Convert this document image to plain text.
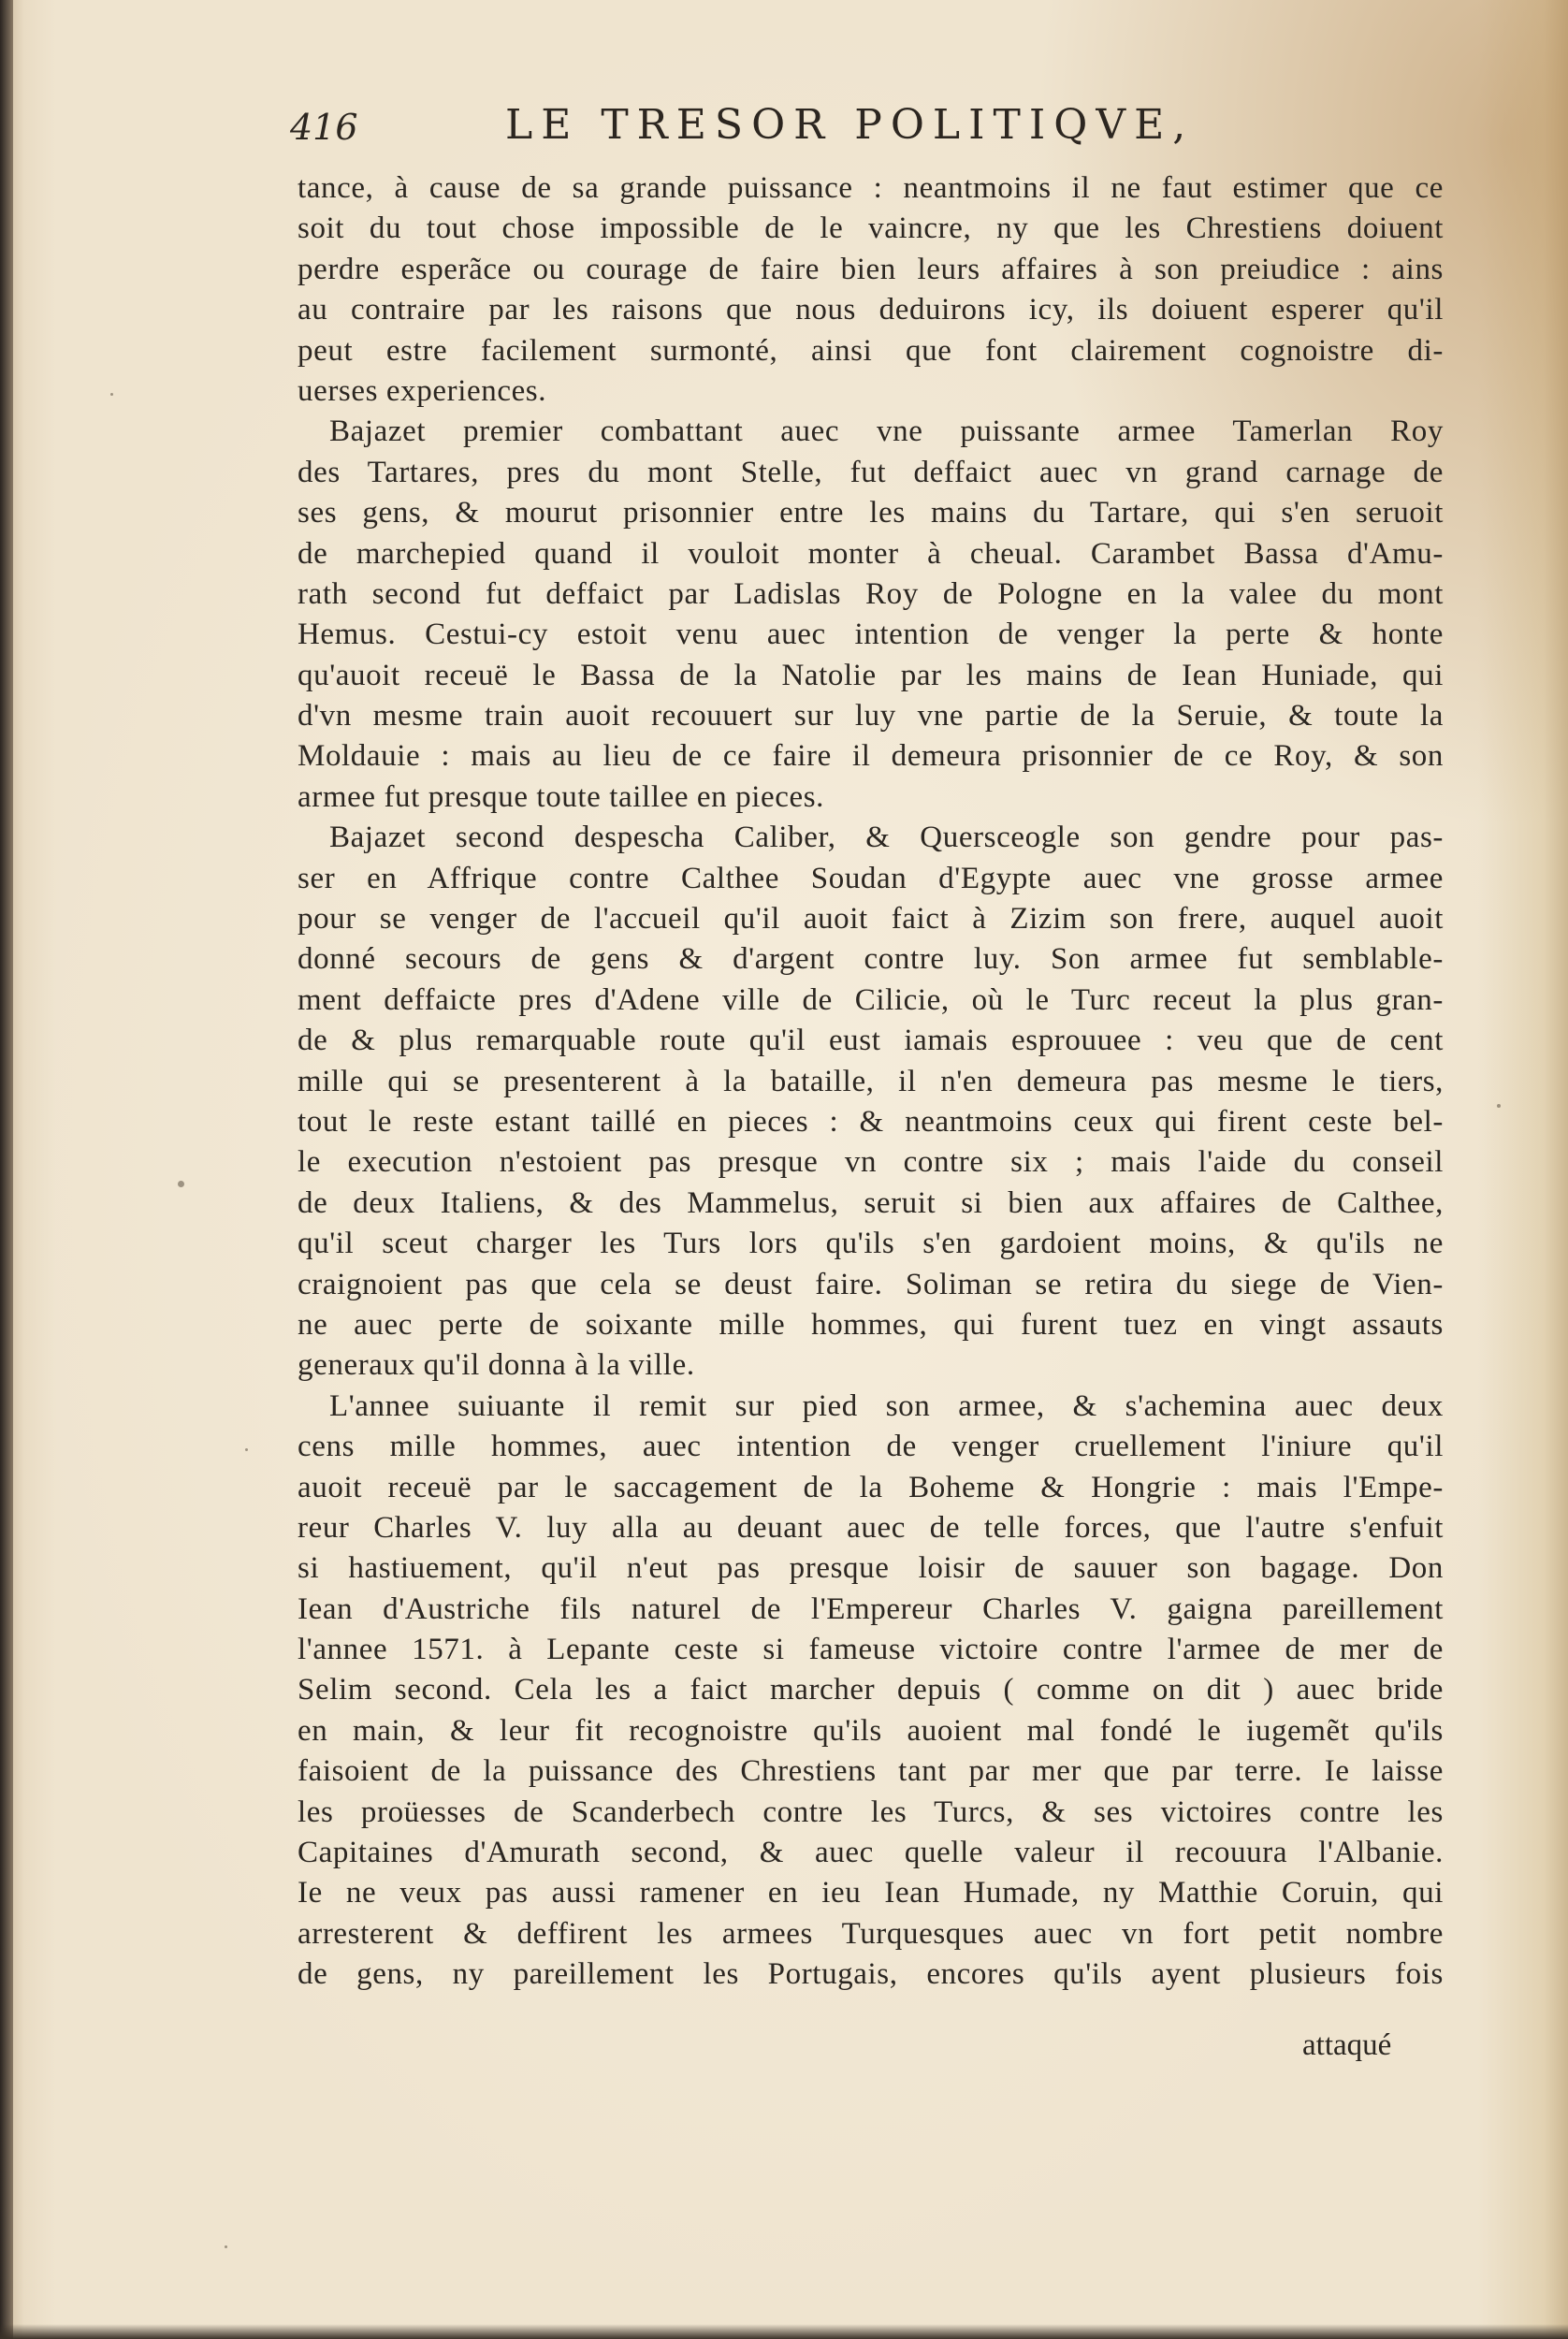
416	LE TRESOR POLITIQVE,
tance, à cause de sa grande puissance : neantmoins il ne faut estimer que ce
soit du tout chose impossible de le vaincre, ny que les Chrestiens doiuent
perdre esperãce ou courage de faire bien leurs affaires à son preiudice : ains
au contraire par les raisons que nous deduirons icy, ils doiuent esperer qu'il
peut estre facilement surmonté, ainsi que font clairement cognoistre di-
uerses experiences.
Bajazet premier combattant auec vne puissante armee Tamerlan Roy
des Tartares, pres du mont Stelle, fut deffaict auec vn grand carnage de
ses gens, & mourut prisonnier entre les mains du Tartare, qui s'en seruoit
de marchepied quand il vouloit monter à cheual. Carambet Bassa d'Amu-
rath second fut deffaict par Ladislas Roy de Pologne en la valee du mont
Hemus. Cestui-cy estoit venu auec intention de venger la perte & honte
qu'auoit receuë le Bassa de la Natolie par les mains de Iean Huniade, qui
d'vn mesme train auoit recouuert sur luy vne partie de la Seruie, & toute la
Moldauie : mais au lieu de ce faire il demeura prisonnier de ce Roy, & son
armee fut presque toute taillee en pieces.
Bajazet second despescha Caliber, & Quersceogle son gendre pour pas-
ser en Affrique contre Calthee Soudan d'Egypte auec vne grosse armee
pour se venger de l'accueil qu'il auoit faict à Zizim son frere, auquel auoit
donné secours de gens & d'argent contre luy. Son armee fut semblable-
ment deffaicte pres d'Adene ville de Cilicie, où le Turc receut la plus gran-
de & plus remarquable route qu'il eust iamais esprouuee : veu que de cent
mille qui se presenterent à la bataille, il n'en demeura pas mesme le tiers,
tout le reste estant taillé en pieces : & neantmoins ceux qui firent ceste bel-
le execution n'estoient pas presque vn contre six ; mais l'aide du conseil
de deux Italiens, & des Mammelus, seruit si bien aux affaires de Calthee,
qu'il sceut charger les Turs lors qu'ils s'en gardoient moins, & qu'ils ne
craignoient pas que cela se deust faire. Soliman se retira du siege de Vien-
ne auec perte de soixante mille hommes, qui furent tuez en vingt assauts
generaux qu'il donna à la ville.
L'annee suiuante il remit sur pied son armee, & s'achemina auec deux
cens mille hommes, auec intention de venger cruellement l'iniure qu'il
auoit receuë par le saccagement de la Boheme & Hongrie : mais l'Empe-
reur Charles V. luy alla au deuant auec de telle forces, que l'autre s'enfuit
si hastiuement, qu'il n'eut pas presque loisir de sauuer son bagage. Don
Iean d'Austriche fils naturel de l'Empereur Charles V. gaigna pareillement
l'annee 1571. à Lepante ceste si fameuse victoire contre l'armee de mer de
Selim second. Cela les a faict marcher depuis ( comme on dit ) auec bride
en main, & leur fit recognoistre qu'ils auoient mal fondé le iugemẽt qu'ils
faisoient de la puissance des Chrestiens tant par mer que par terre. Ie laisse
les proüesses de Scanderbech contre les Turcs, & ses victoires contre les
Capitaines d'Amurath second, & auec quelle valeur il recouura l'Albanie.
Ie ne veux pas aussi ramener en ieu Iean Humade, ny Matthie Coruin, qui
arresterent & deffirent les armees Turquesques auec vn fort petit nombre
de gens, ny pareillement les Portugais, encores qu'ils ayent plusieurs fois
attaqué
